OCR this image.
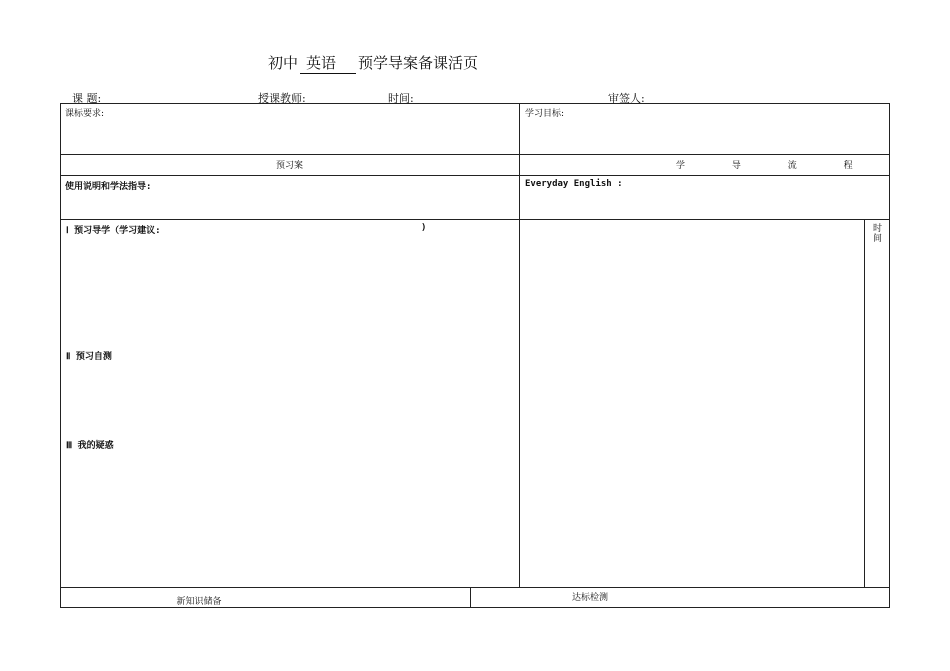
初中 英语 预学导案备课活页
课 题:	授课教师:	时间:	审签人:
课标要求:	学习目标:
预习案	学 导 流 程
使用说明和学法指导:	Everyday English :
Ⅰ 预习导学（学习建议:	)
Ⅱ 预习自测
Ⅲ 我的疑惑
时间
新知识储备	达标检测
